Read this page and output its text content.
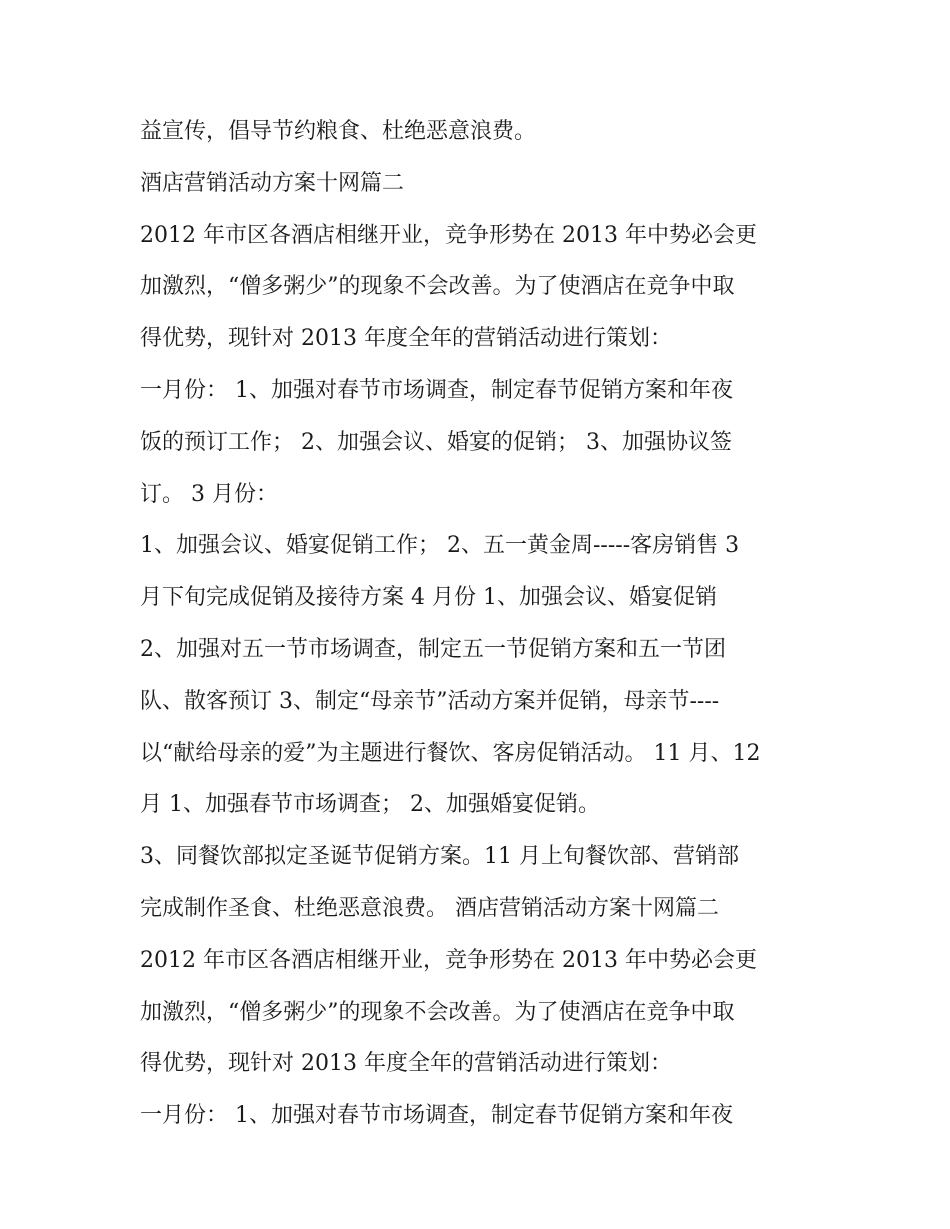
益宣传，倡导节约粮食、杜绝恶意浪费。
酒店营销活动方案十网篇二
2012 年市区各酒店相继开业，竞争形势在 2013 年中势必会更
加激烈，“僧多粥少”的现象不会改善。为了使酒店在竞争中取
得优势，现针对 2013 年度全年的营销活动进行策划：
一月份： 1、加强对春节市场调查，制定春节促销方案和年夜
饭的预订工作； 2、加强会议、婚宴的促销； 3、加强协议签
订。 3 月份：
1、加强会议、婚宴促销工作； 2、五一黄金周-----客房销售 3
月下旬完成促销及接待方案 4 月份 1、加强会议、婚宴促销
2、加强对五一节市场调查，制定五一节促销方案和五一节团
队、散客预订 3、制定“母亲节”活动方案并促销，母亲节----
以“献给母亲的爱”为主题进行餐饮、客房促销活动。 11 月、12
月 1、加强春节市场调查； 2、加强婚宴促销。
3、同餐饮部拟定圣诞节促销方案。11 月上旬餐饮部、营销部
完成制作圣食、杜绝恶意浪费。 酒店营销活动方案十网篇二
2012 年市区各酒店相继开业，竞争形势在 2013 年中势必会更
加激烈，“僧多粥少”的现象不会改善。为了使酒店在竞争中取
得优势，现针对 2013 年度全年的营销活动进行策划：
一月份： 1、加强对春节市场调查，制定春节促销方案和年夜
